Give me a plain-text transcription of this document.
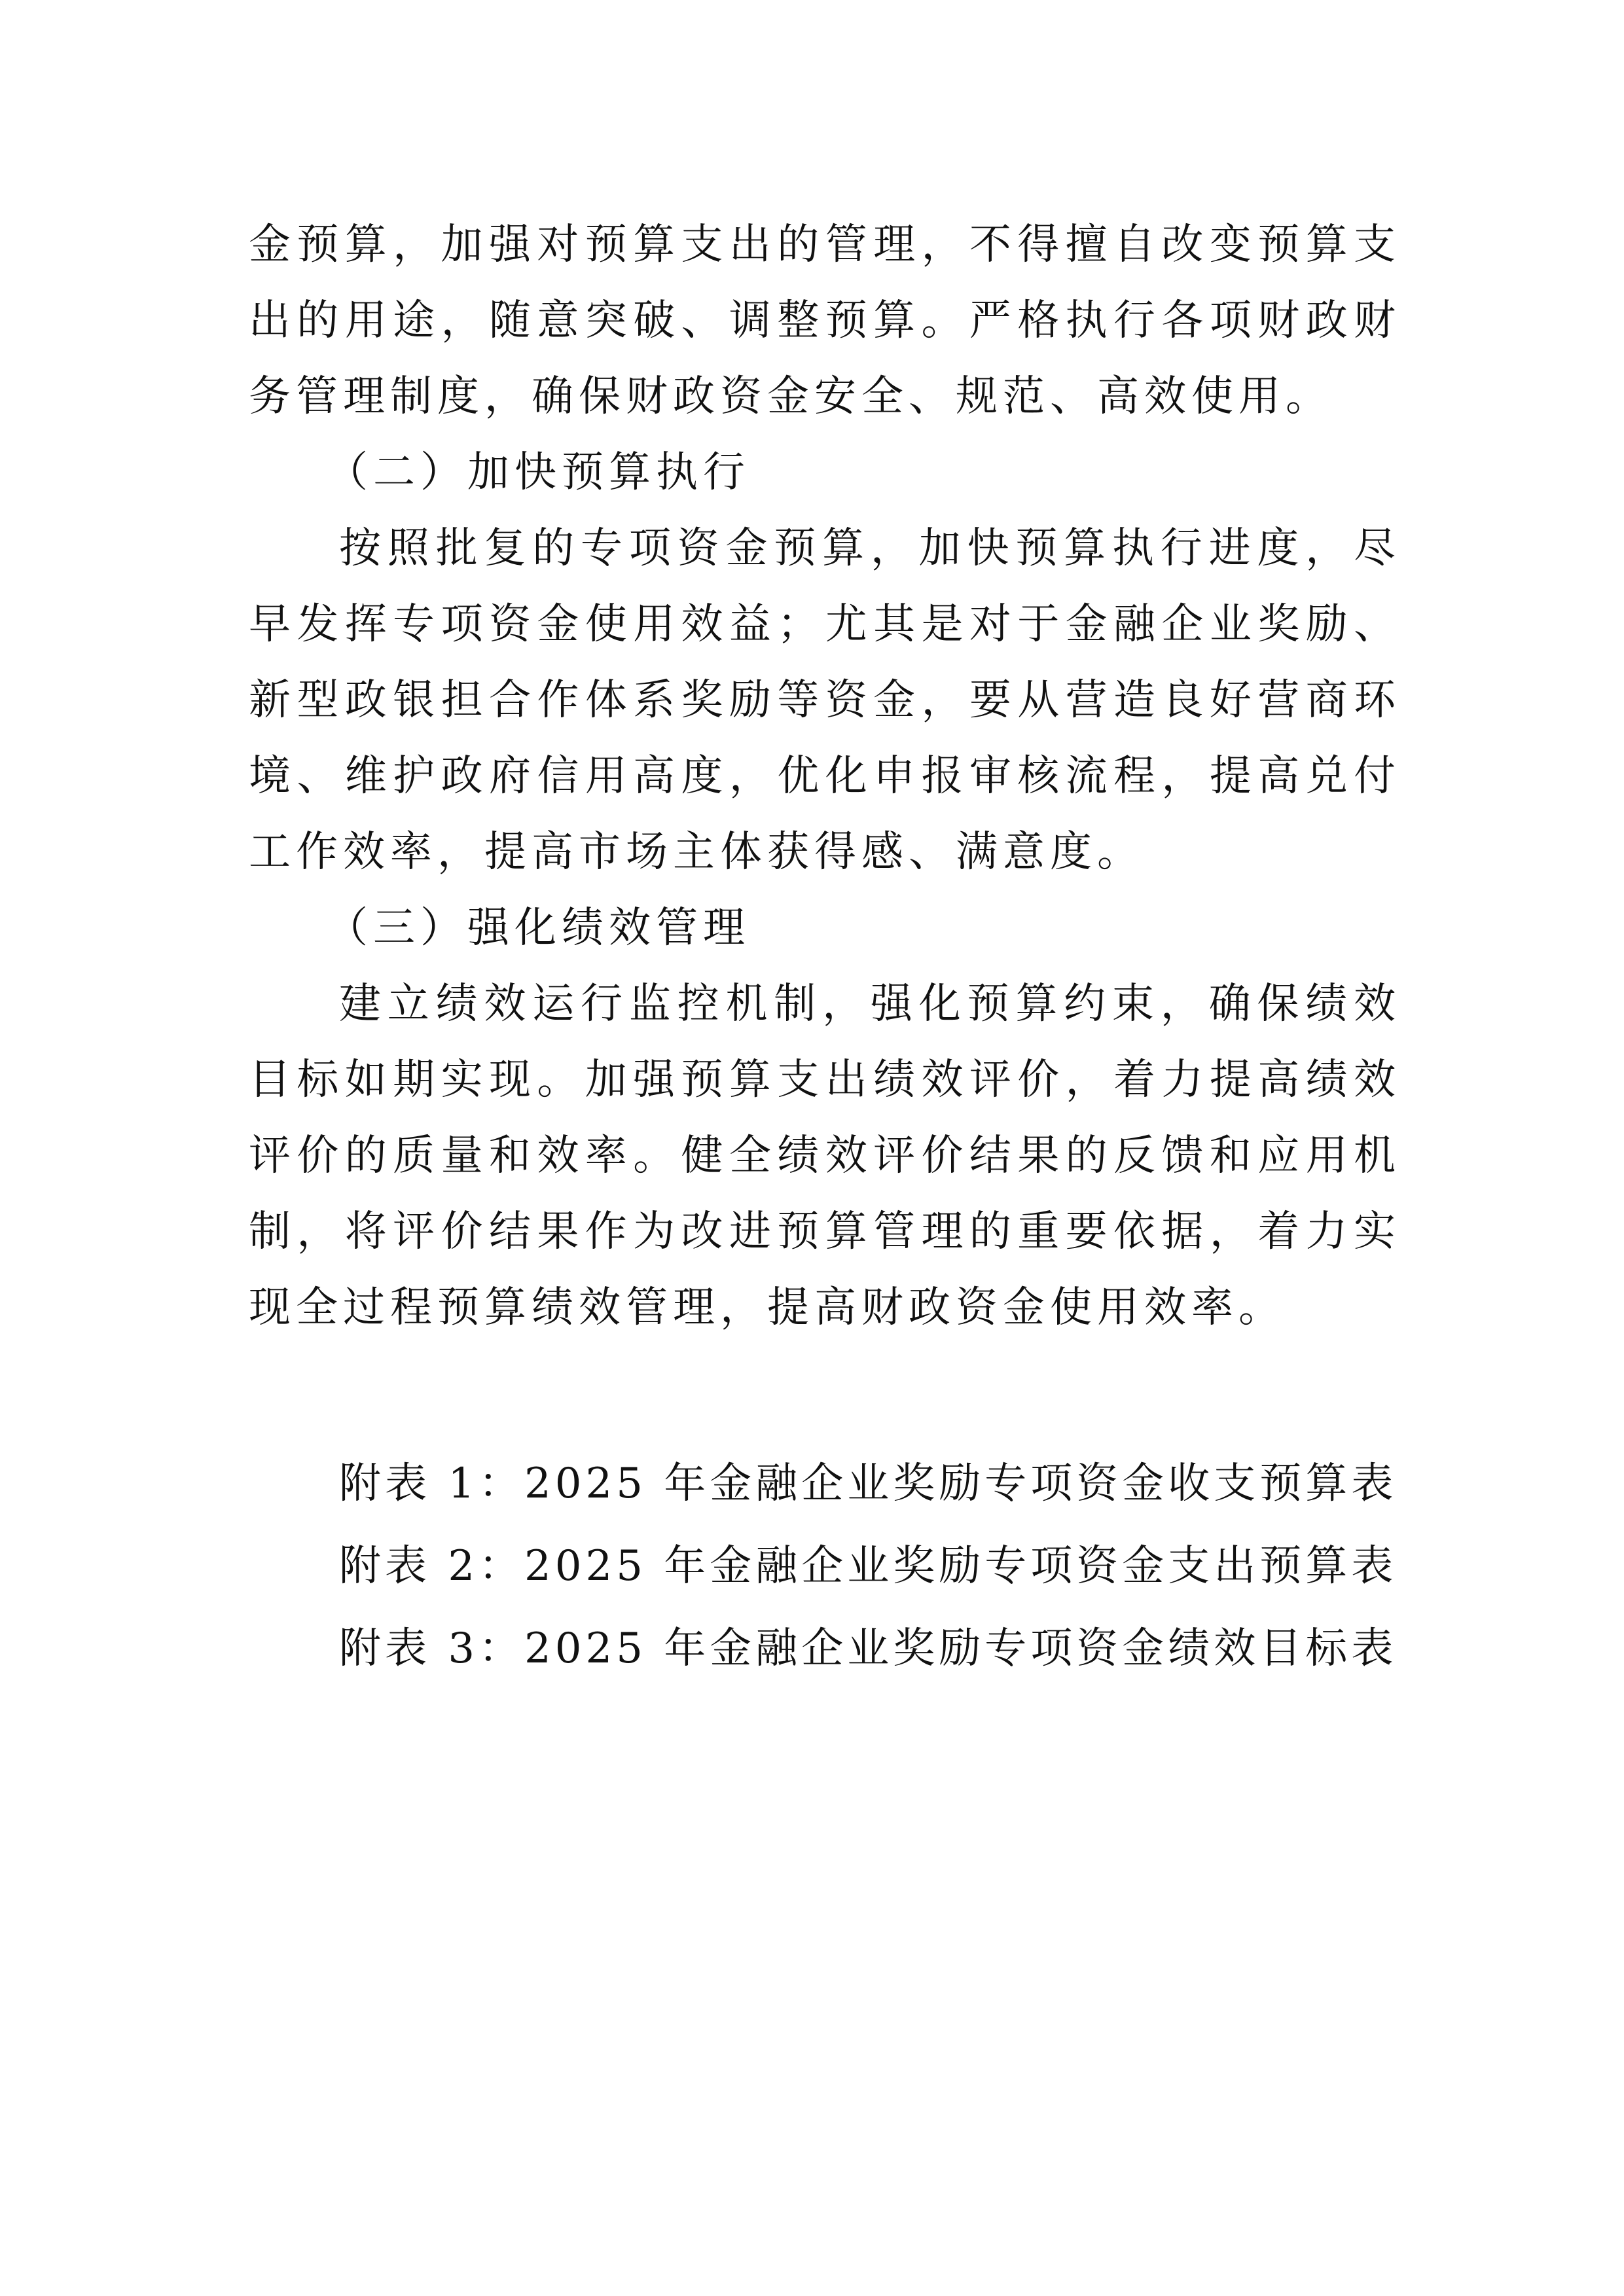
金预算，加强对预算支出的管理，不得擅自改变预算支出的用途，随意突破、调整预算。严格执行各项财政财务管理制度，确保财政资金安全、规范、高效使用。

（二）加快预算执行

按照批复的专项资金预算，加快预算执行进度，尽早发挥专项资金使用效益；尤其是对于金融企业奖励、新型政银担合作体系奖励等资金，要从营造良好营商环境、维护政府信用高度，优化申报审核流程，提高兑付工作效率，提高市场主体获得感、满意度。

（三）强化绩效管理

建立绩效运行监控机制，强化预算约束，确保绩效目标如期实现。加强预算支出绩效评价，着力提高绩效评价的质量和效率。健全绩效评价结果的反馈和应用机制，将评价结果作为改进预算管理的重要依据，着力实现全过程预算绩效管理，提高财政资金使用效率。

附表 1：2025 年金融企业奖励专项资金收支预算表

附表 2：2025 年金融企业奖励专项资金支出预算表

附表 3：2025 年金融企业奖励专项资金绩效目标表
